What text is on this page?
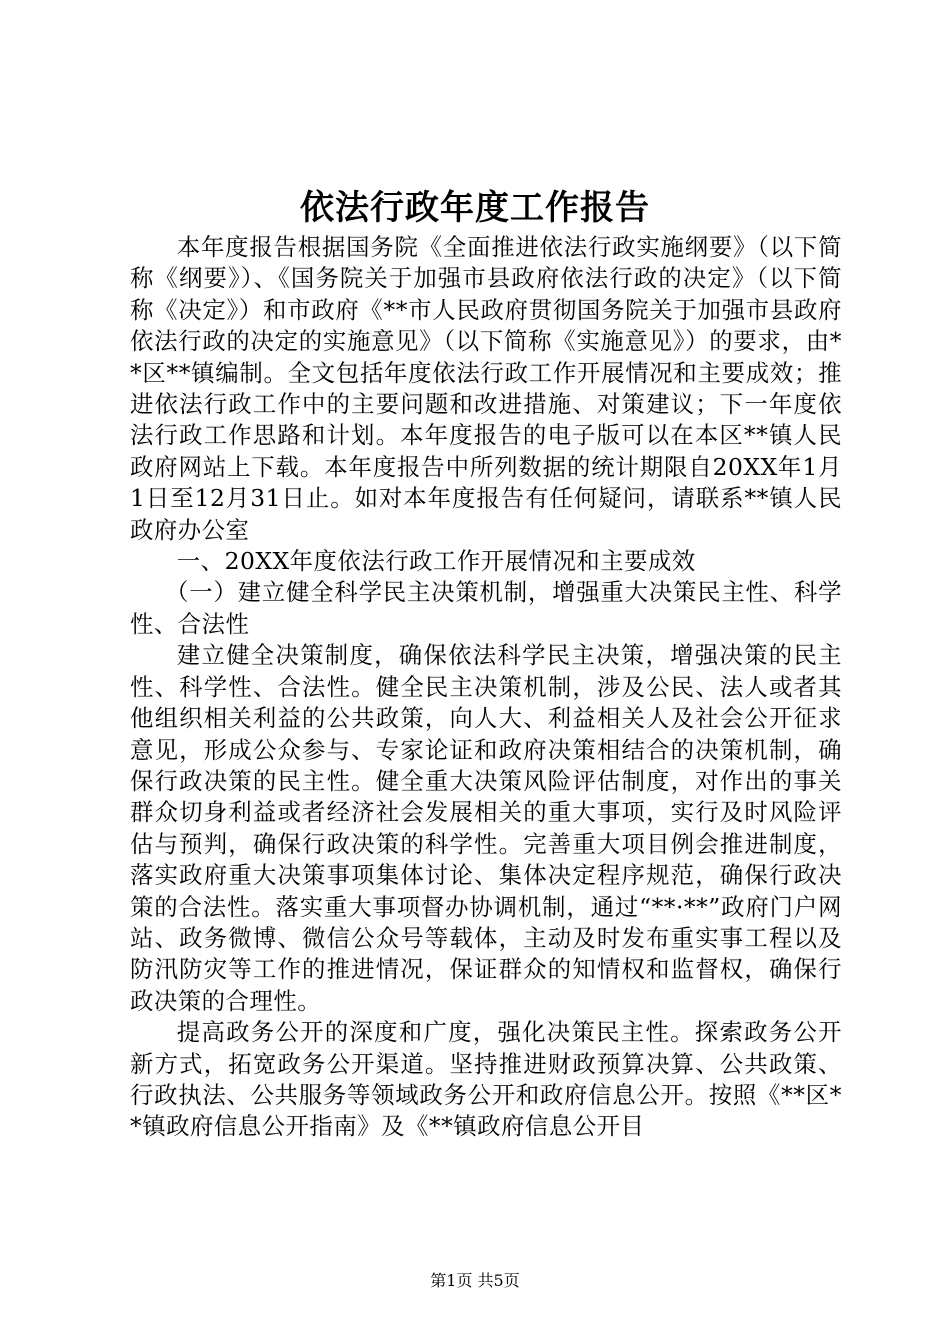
依法行政年度工作报告

本年度报告根据国务院《全面推进依法行政实施纲要》（以下简称《纲要》）、《国务院关于加强市县政府依法行政的决定》（以下简称《决定》）和市政府《**市人民政府贯彻国务院关于加强市县政府依法行政的决定的实施意见》（以下简称《实施意见》）的要求，由**区**镇编制。全文包括年度依法行政工作开展情况和主要成效；推进依法行政工作中的主要问题和改进措施、对策建议；下一年度依法行政工作思路和计划。本年度报告的电子版可以在本区**镇人民政府网站上下载。本年度报告中所列数据的统计期限自20XX年1月1日至12月31日止。如对本年度报告有任何疑问，请联系**镇人民政府办公室

一、20XX年度依法行政工作开展情况和主要成效

（一）建立健全科学民主决策机制，增强重大决策民主性、科学性、合法性

建立健全决策制度，确保依法科学民主决策，增强决策的民主性、科学性、合法性。健全民主决策机制，涉及公民、法人或者其他组织相关利益的公共政策，向人大、利益相关人及社会公开征求意见，形成公众参与、专家论证和政府决策相结合的决策机制，确保行政决策的民主性。健全重大决策风险评估制度，对作出的事关群众切身利益或者经济社会发展相关的重大事项，实行及时风险评估与预判，确保行政决策的科学性。完善重大项目例会推进制度，落实政府重大决策事项集体讨论、集体决定程序规范，确保行政决策的合法性。落实重大事项督办协调机制，通过“**·**”政府门户网站、政务微博、微信公众号等载体，主动及时发布重实事工程以及防汛防灾等工作的推进情况，保证群众的知情权和监督权，确保行政决策的合理性。

提高政务公开的深度和广度，强化决策民主性。探索政务公开新方式，拓宽政务公开渠道。坚持推进财政预算决算、公共政策、行政执法、公共服务等领域政务公开和政府信息公开。按照《**区**镇政府信息公开指南》及《**镇政府信息公开目

第1页 共5页
